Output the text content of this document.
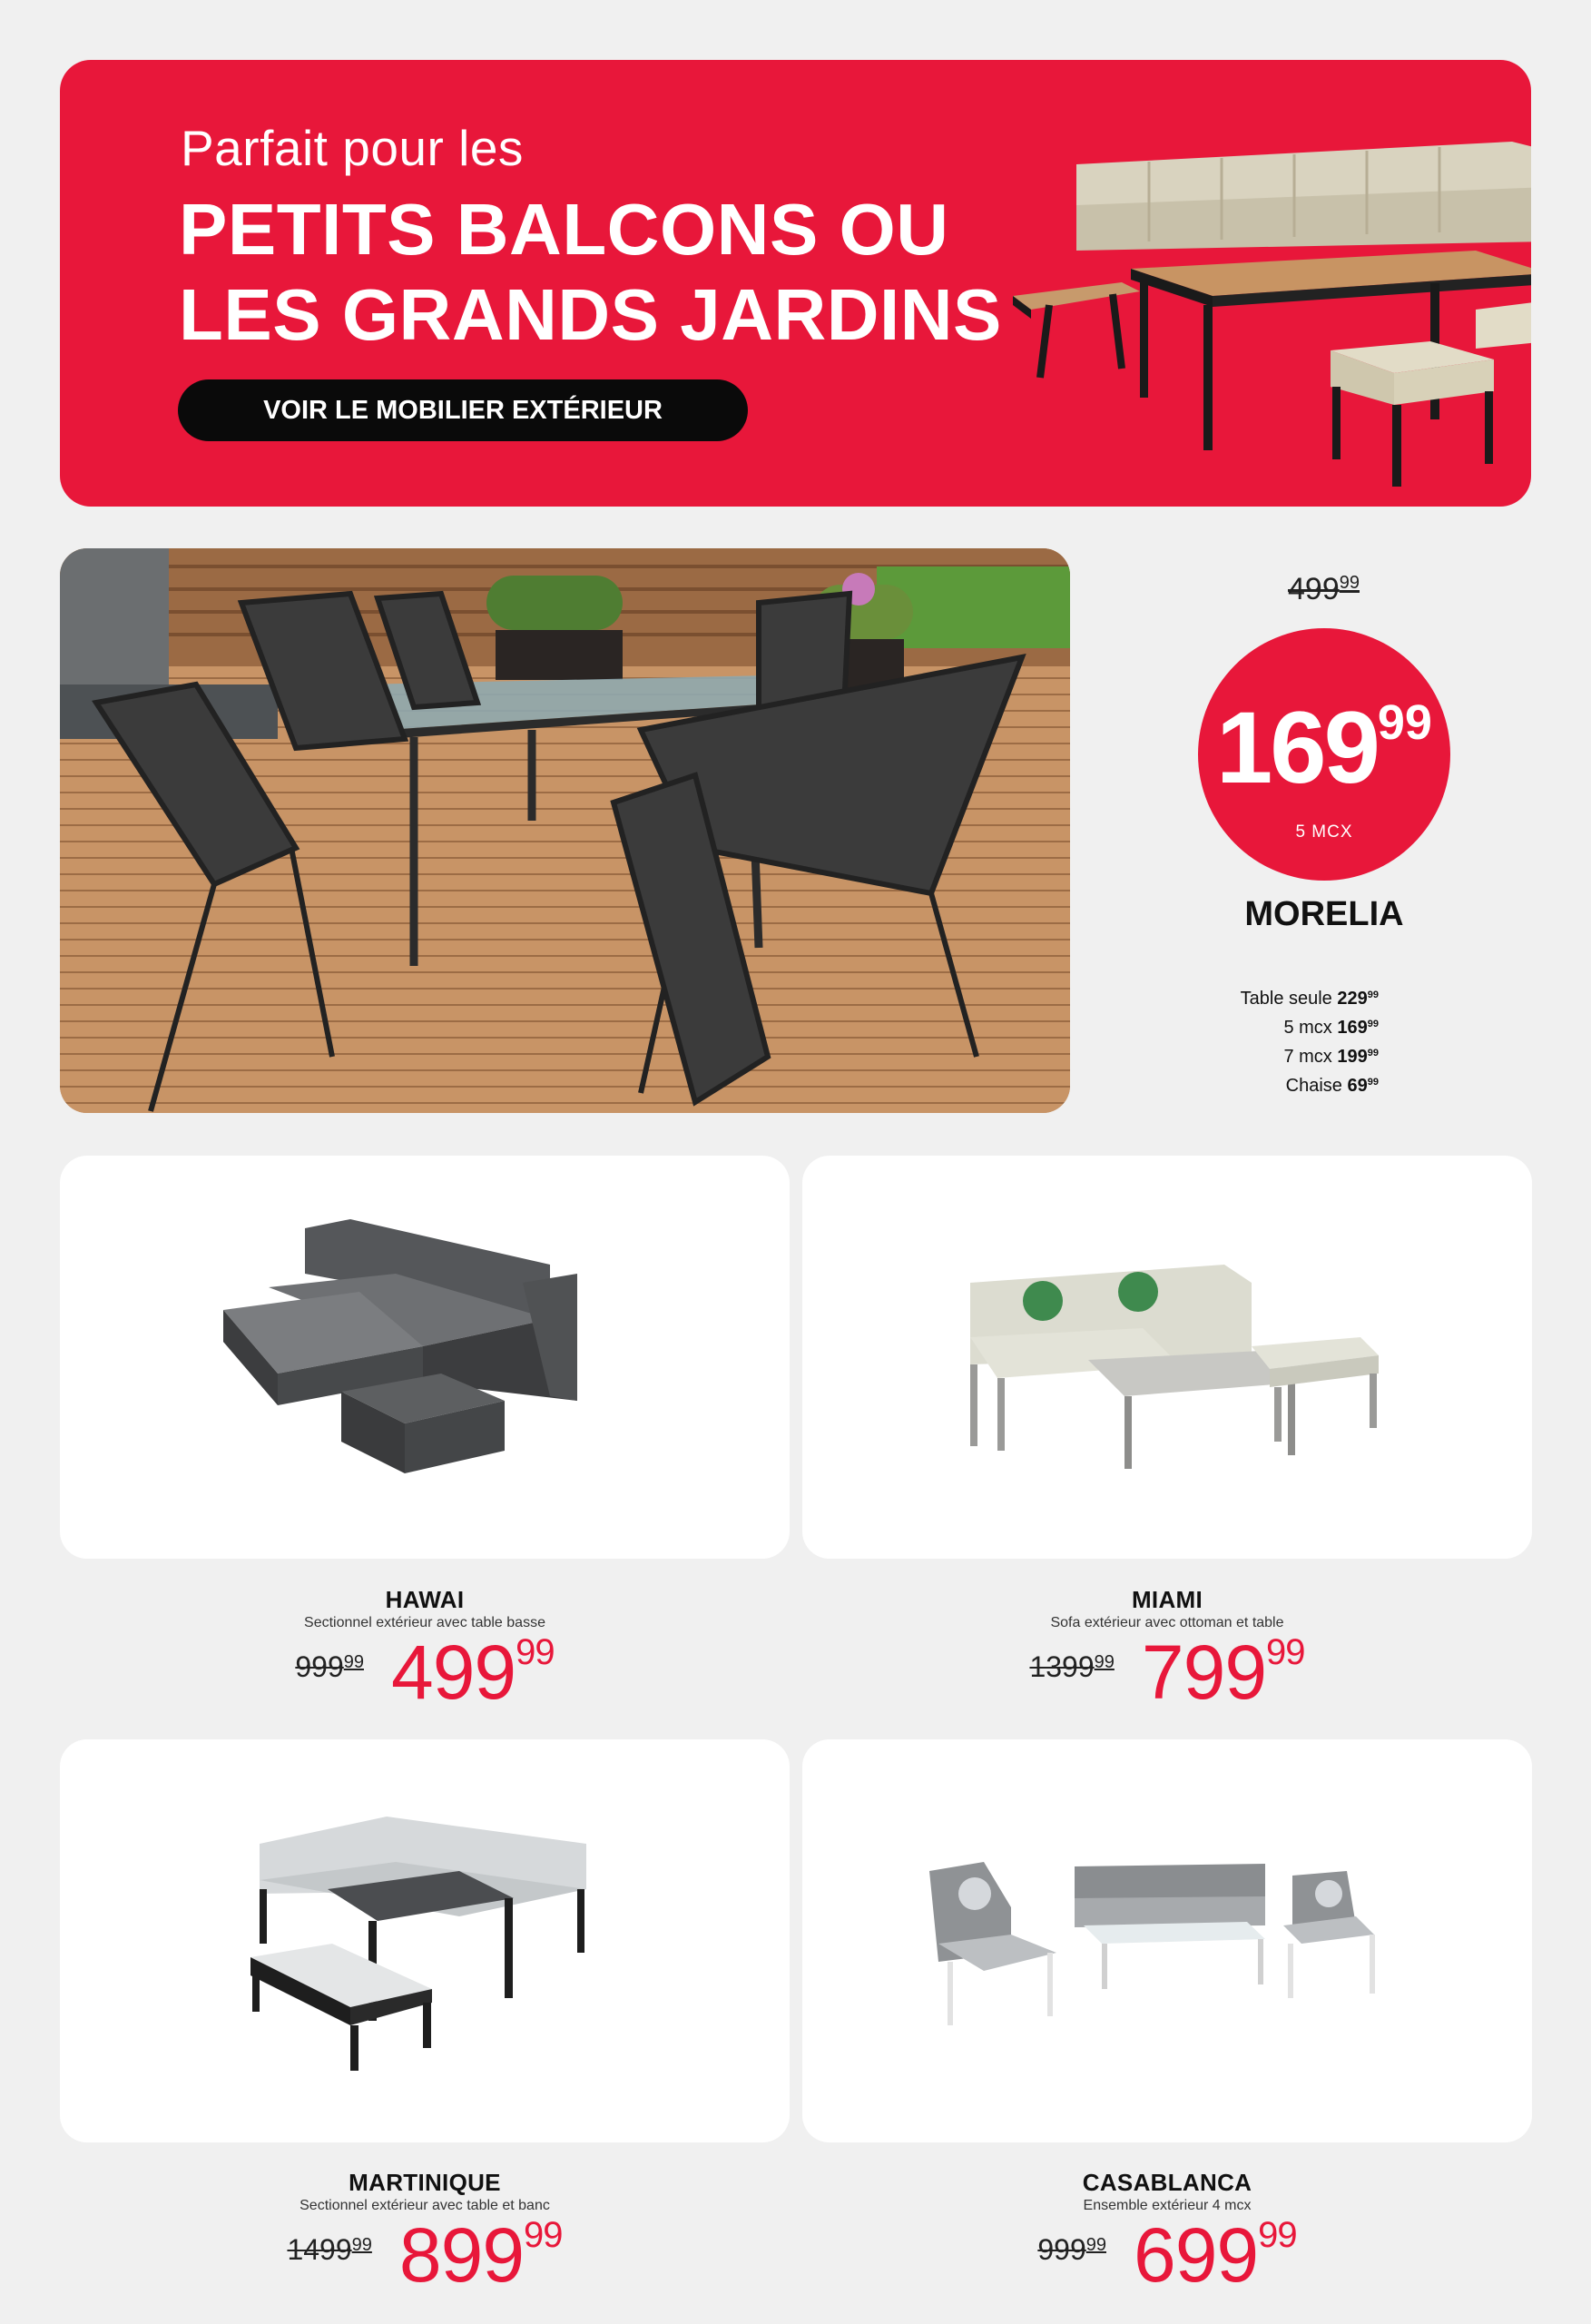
Parfait pour les
PETITS BALCONS OU
LES GRANDS JARDINS
VOIR LE MOBILIER EXTÉRIEUR
$499^{99}$
$169^{99}$
5 MCX
MORELIA
Table seule $229^{99}$
5 mcx $169^{99}$
7 mcx $199^{99}$
Chaise $69^{99}$
HAWAI
Sectionnel extérieur avec table basse
$999^{99}$ $499^{99}$
MIAMI
Sofa extérieur avec ottoman et table
1399$^{99}$ $799^{99}$
MARTINIQUE
Sectionnel extérieur avec table et banc
1499$^{99}$ $899^{99}$
CASABLANCA
Ensemble extérieur 4 mcx
$999^{99}$ $699^{99}$
